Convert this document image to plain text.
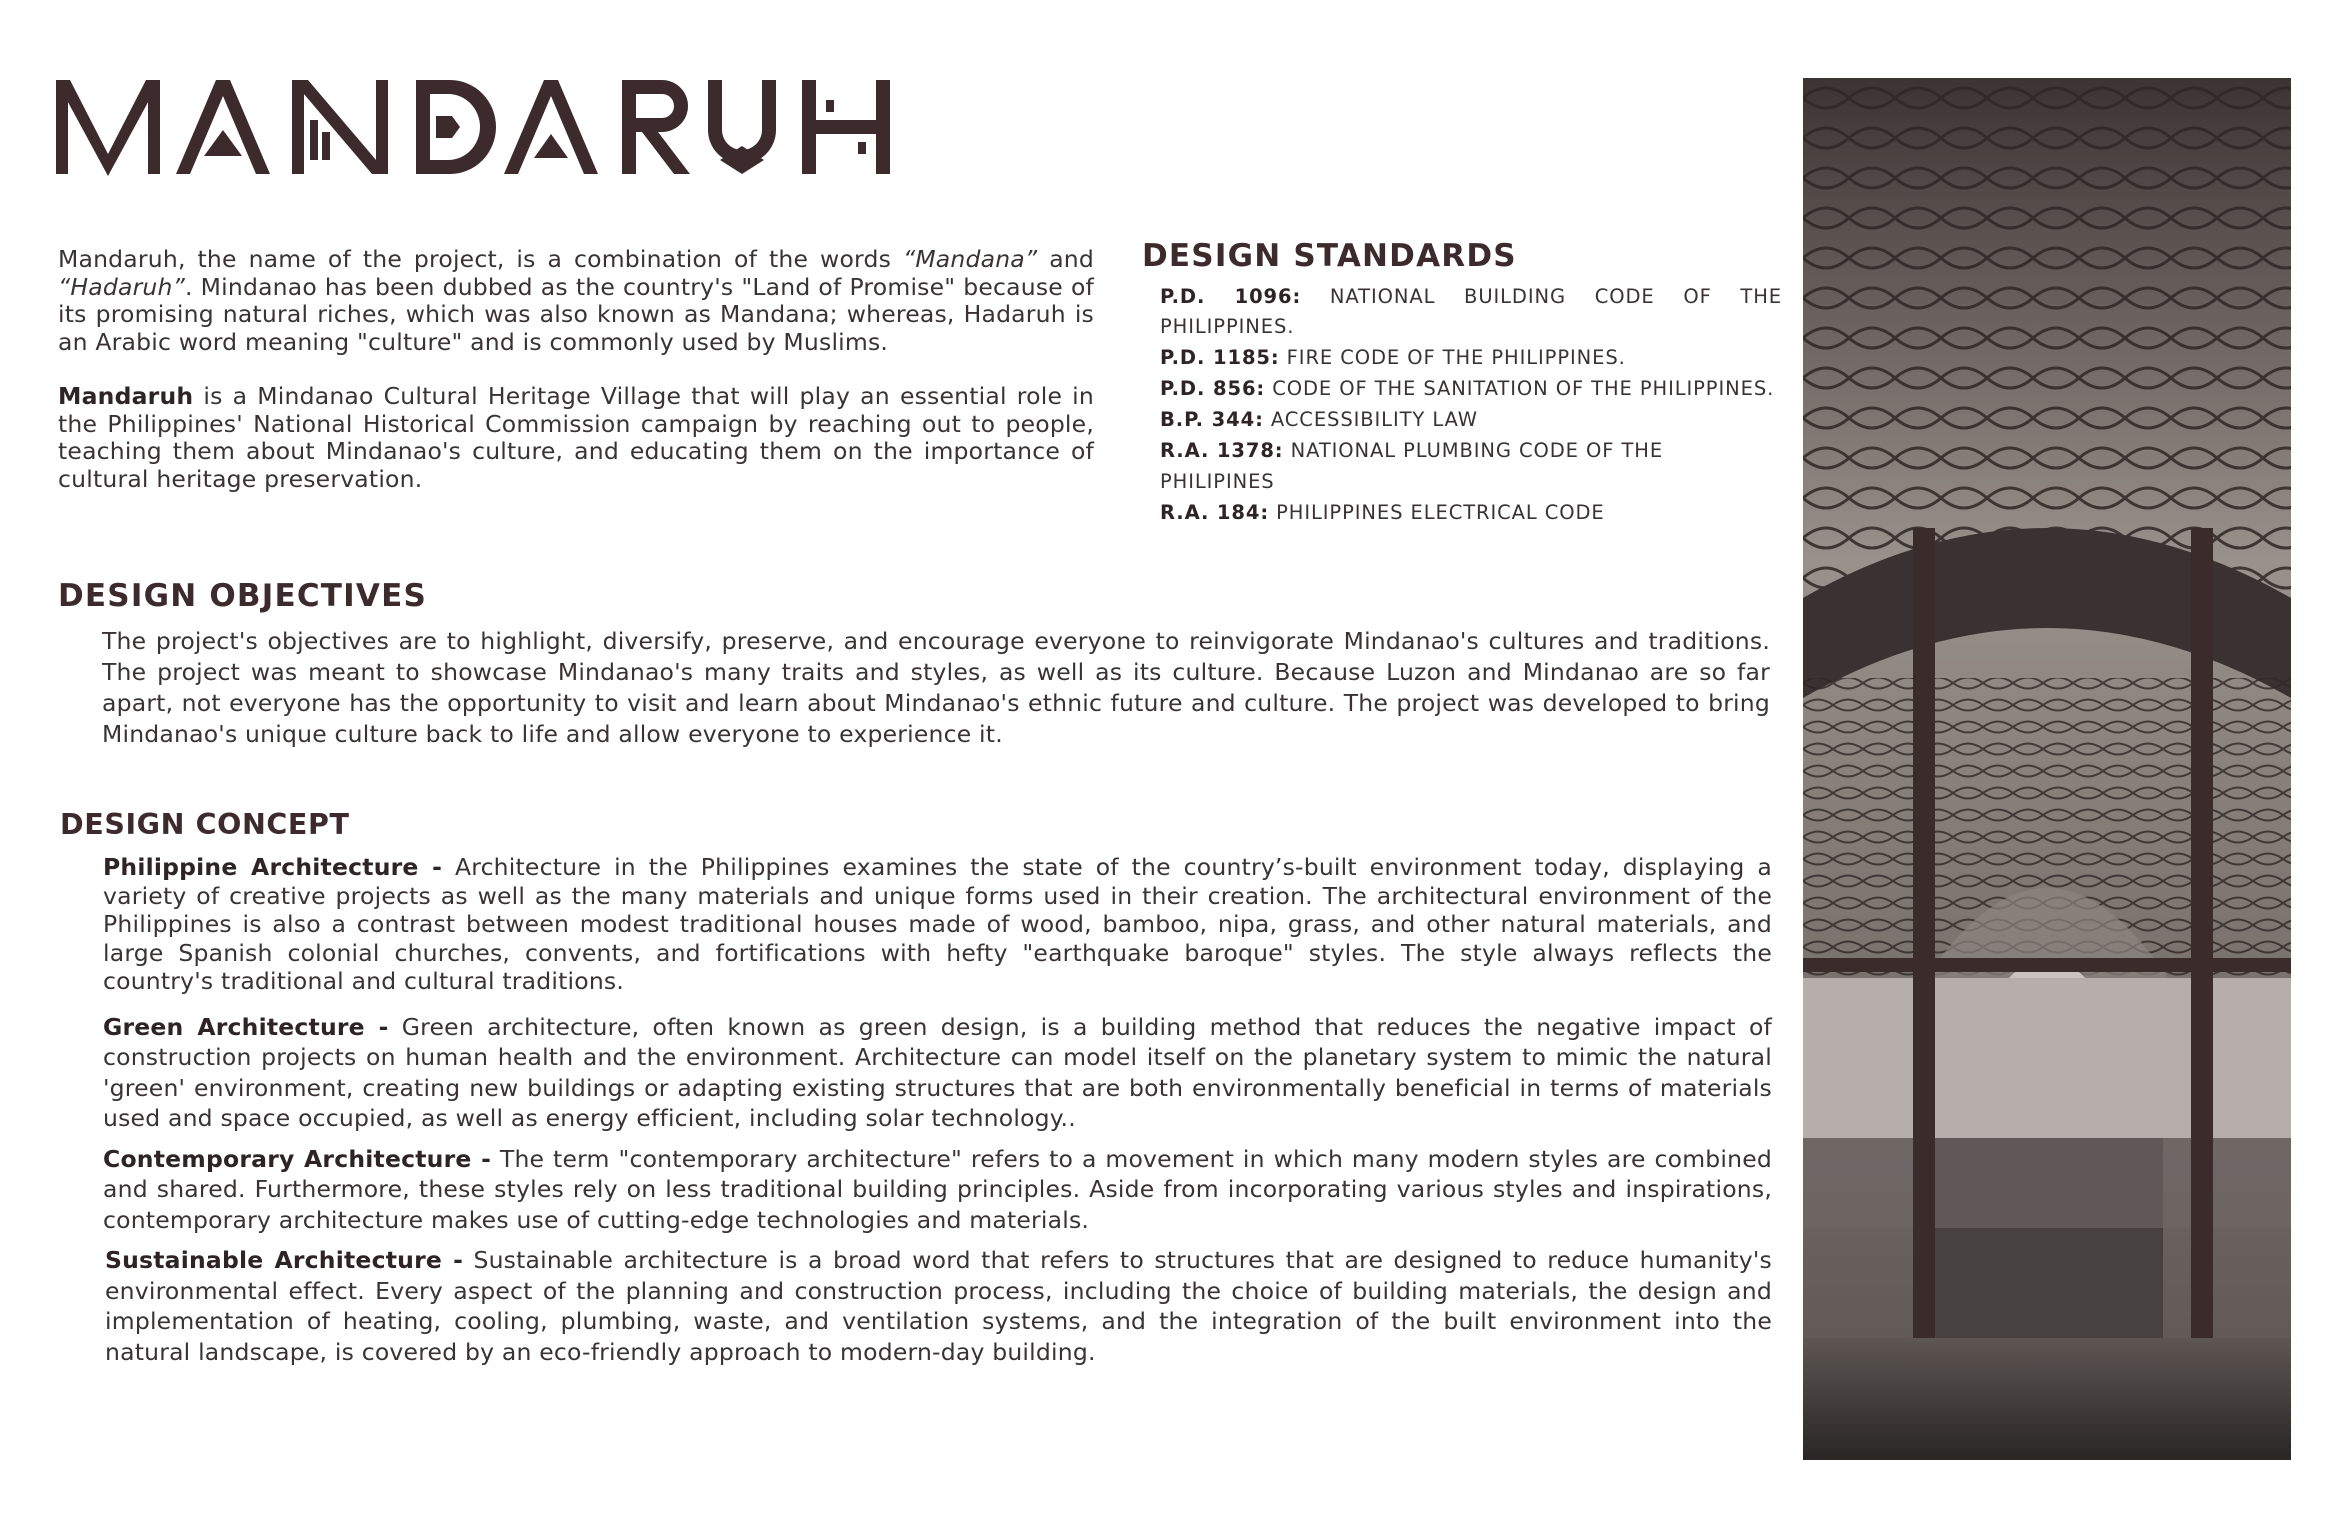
Mandaruh, the name of the project, is a combination of the words “Mandana” and “Hadaruh”. Mindanao has been dubbed as the country's "Land of Promise" because of its promising natural riches, which was also known as Mandana; whereas, Hadaruh is an Arabic word meaning "culture" and is commonly used by Muslims.

Mandaruh is a Mindanao Cultural Heritage Village that will play an essential role in the Philippines' National Historical Commission campaign by reaching out to people, teaching them about Mindanao's culture, and educating them on the importance of cultural heritage preservation.

DESIGN STANDARDS
P.D. 1096: NATIONAL BUILDING CODE OF THE PHILIPPINES.
P.D. 1185: FIRE CODE OF THE PHILIPPINES.
P.D. 856: CODE OF THE SANITATION OF THE PHILIPPINES.
B.P. 344: ACCESSIBILITY LAW
R.A. 1378: NATIONAL PLUMBING CODE OF THE PHILIPINES
R.A. 184: PHILIPPINES ELECTRICAL CODE
DESIGN OBJECTIVES

The project's objectives are to highlight, diversify, preserve, and encourage everyone to reinvigorate Mindanao's cultures and traditions. The project was meant to showcase Mindanao's many traits and styles, as well as its culture. Because Luzon and Mindanao are so far apart, not everyone has the opportunity to visit and learn about Mindanao's ethnic future and culture. The project was developed to bring Mindanao's unique culture back to life and allow everyone to experience it.

DESIGN CONCEPT
Philippine Architecture - Architecture in the Philippines examines the state of the country’s-built environment today, displaying a variety of creative projects as well as the many materials and unique forms used in their creation. The architectural environment of the Philippines is also a contrast between modest traditional houses made of wood, bamboo, nipa, grass, and other natural materials, and large Spanish colonial churches, convents, and fortifications with hefty "earthquake baroque" styles. The style always reflects the country's traditional and cultural traditions.
Green Architecture - Green architecture, often known as green design, is a building method that reduces the negative impact of construction projects on human health and the environment. Architecture can model itself on the planetary system to mimic the natural 'green' environment, creating new buildings or adapting existing structures that are both environmentally beneficial in terms of materials used and space occupied, as well as energy efficient, including solar technology..
Contemporary Architecture - The term "contemporary architecture" refers to a movement in which many modern styles are combined and shared. Furthermore, these styles rely on less traditional building principles. Aside from incorporating various styles and inspirations, contemporary architecture makes use of cutting-edge technologies and materials.
Sustainable Architecture - Sustainable architecture is a broad word that refers to structures that are designed to reduce humanity's environmental effect. Every aspect of the planning and construction process, including the choice of building materials, the design and implementation of heating, cooling, plumbing, waste, and ventilation systems, and the integration of the built environment into the natural landscape, is covered by an eco-friendly approach to modern-day building.
